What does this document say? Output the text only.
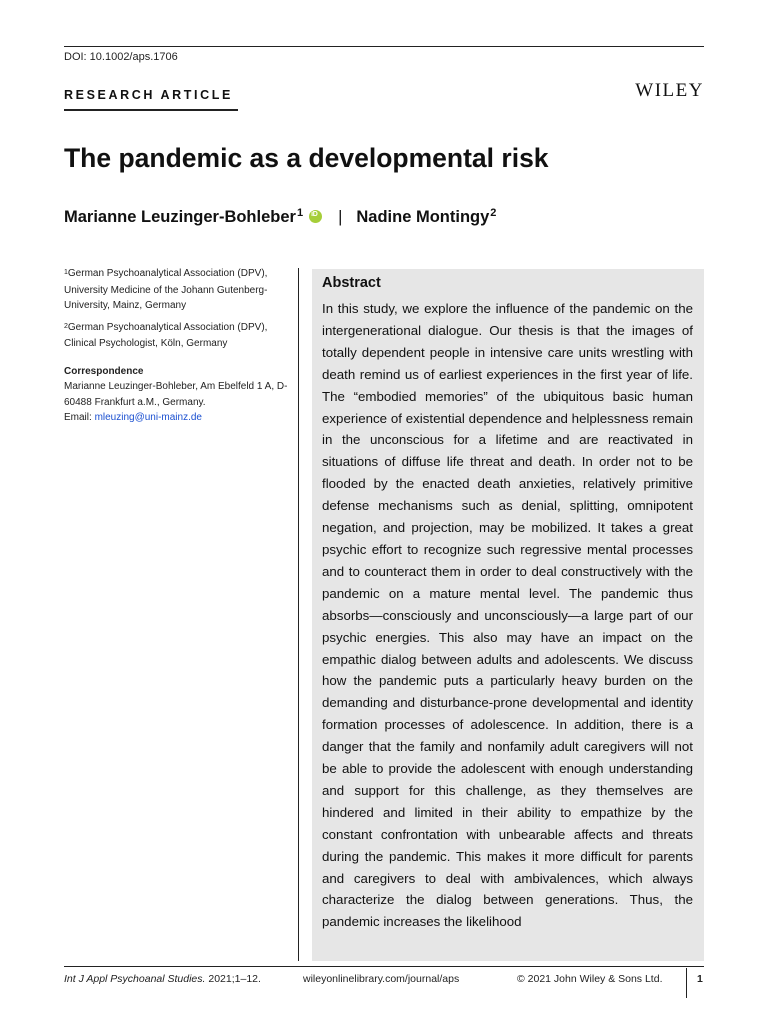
DOI: 10.1002/aps.1706
RESEARCH ARTICLE	WILEY
The pandemic as a developmental risk
Marianne Leuzinger-Bohleber$^1$
iD | Nadine Montingy$^2$

$^1$German Psychoanalytical Association (DPV), University Medicine of the Johann Gutenberg-University, Mainz, Germany

$^2$German Psychoanalytical Association (DPV), Clinical Psychologist, Köln, Germany

Correspondence

Marianne Leuzinger-Bohleber, Am Ebelfeld 1 A, D-60488 Frankfurt a.M., Germany.

Email: mleuzing@uni-mainz.de

Abstract
In this study, we explore the influence of the pandemic on the intergenerational dialogue. Our thesis is that the images of totally dependent people in intensive care units wrestling with death remind us of earliest experiences in the first year of life. The “embodied memories” of the ubiquitous basic human experience of existential dependence and helplessness remain in the unconscious for a lifetime and are reactivated in situations of diffuse life threat and death. In order not to be flooded by the enacted death anxieties, relatively primitive defense mechanisms such as denial, splitting, omnipotent negation, and projection, may be mobilized. It takes a great psychic effort to recognize such regressive mental processes and to counteract them in order to deal constructively with the pandemic on a mature mental level. The pandemic thus absorbs—consciously and unconsciously—a large part of our psychic energies. This also may have an impact on the empathic dialog between adults and adolescents. We discuss how the pandemic puts a particularly heavy burden on the demanding and disturbance-prone developmental and identity formation processes of adolescence. In addition, there is a danger that the family and nonfamily adult caregivers will not be able to provide the adolescent with enough understanding and support for this challenge, as they themselves are hindered and limited in their ability to empathize by the constant confrontation with unbearable affects and threats during the pandemic. This makes it more difficult for parents and caregivers to deal with ambivalences, which always characterize the dialog between generations. Thus, the pandemic increases the likelihood
Int J Appl Psychoanal Studies. 2021;1–12.	wileyonlinelibrary.com/journal/aps	© 2021 John Wiley & Sons Ltd.	1
